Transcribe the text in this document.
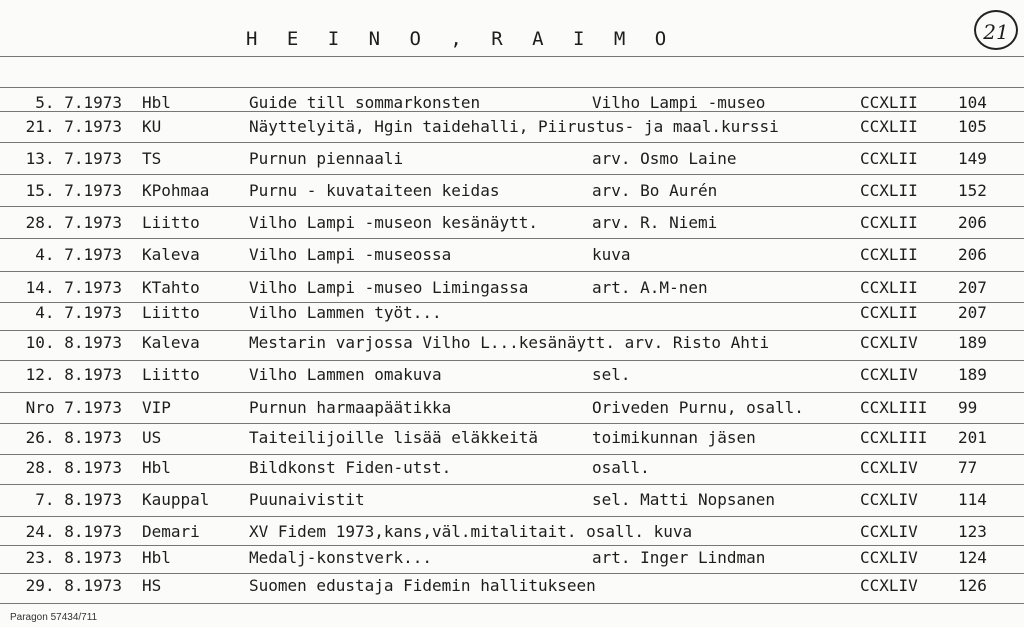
H E I N O , R A I M O	21
5. 7.1973 Hbl	Guide till sommarkonsten	Vilho Lampi -museo	CCXLII	104
21. 7.1973 KU	Näyttelyitä, Hgin taidehalli, Piirustus- ja maal.kurssi	CCXLII	105
13. 7.1973 TS	Purnun piennaali	arv. Osmo Laine	CCXLII	149
15. 7.1973 KPohmaa Purnu - kuvataiteen keidas	arv. Bo Aurén	CCXLII	152
28. 7.1973 Liitto	Vilho Lampi -museon kesänäytt.	arv. R. Niemi	CCXLII	206
4. 7.1973 Kaleva	Vilho Lampi -museossa	kuva	CCXLII	206
14. 7.1973 KTahto	Vilho Lampi -museo Limingassa	art. A.M-nen	CCXLII	207
4. 7.1973 Liitto	Vilho Lammen työt...	CCXLII	207
10. 8.1973 Kaleva	Mestarin varjossa Vilho L...kesänäytt. arv. Risto Ahti	CCXLIV	189
12. 8.1973 Liitto	Vilho Lammen omakuva	sel.	CCXLIV	189
Nro 7.1973 VIP	Purnun harmaapäätikka	Oriveden Purnu, osall.	CCXLIII 99
26. 8.1973 US	Taiteilijoille lisää eläkkeitä	toimikunnan jäsen	CCXLIII 201
28. 8.1973 Hbl	Bildkonst Fiden-utst.	osall.	CCXLIV	77
7. 8.1973 Kauppal Puunaivistit	sel. Matti Nopsanen	CCXLIV	114
24. 8.1973 Demari	XV Fidem 1973,kans,väl.mitalitait. osall. kuva	CCXLIV	123
23. 8.1973 Hbl	Medalj-konstverk...	art. Inger Lindman	CCXLIV	124
29. 8.1973 HS	Suomen edustaja Fidemin hallitukseen	CCXLIV	126
Paragon 57434/711
